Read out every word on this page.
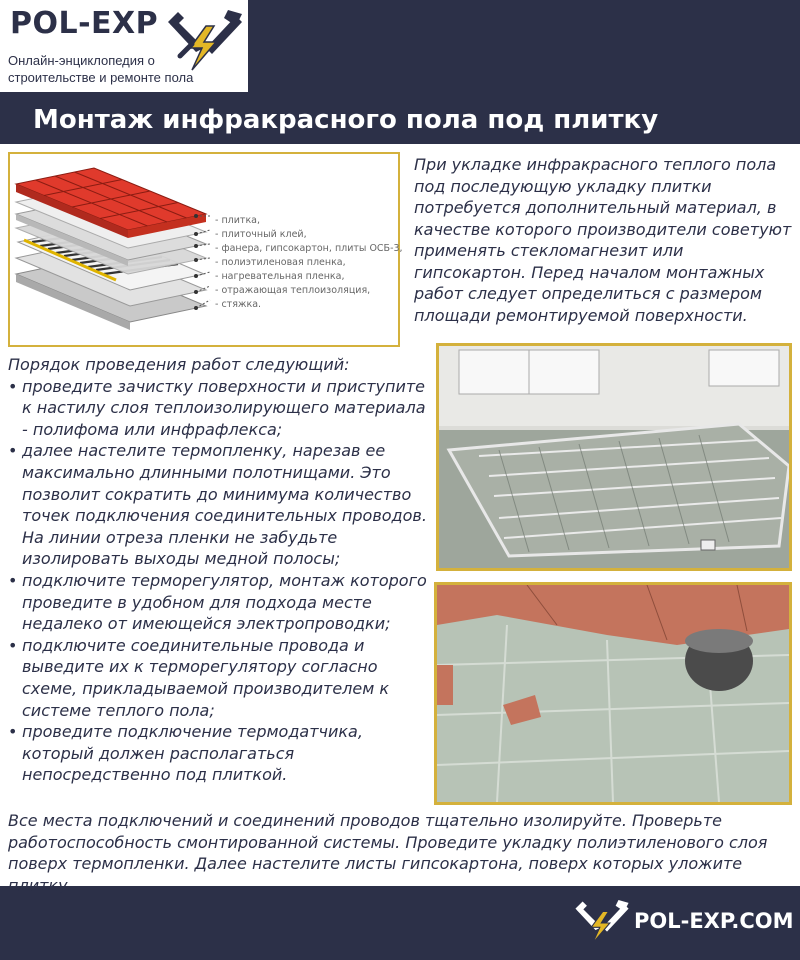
POL-EXP
Онлайн-энциклопедия о строительстве и ремонте пола
Монтаж инфракрасного пола под плитку
- плитка,
- плиточный клей,
- фанера, гипсокартон, плиты ОСБ-3,
- полиэтиленовая пленка,
- нагревательная пленка,
- отражающая теплоизоляция,
- стяжка.

При укладке инфракрасного теплого пола под последующую укладку плитки потребуется дополнительный материал, в качестве которого производители советуют применять стекломагнезит или гипсокартон. Перед началом монтажных работ следует определиться с размером площади ремонтируемой поверхности.

Порядок проведения работ следующий:

• проведите зачистку поверхности и приступите к настилу слоя теплоизолирующего материала - полифома или инфрафлекса;

• далее настелите термопленку, нарезав ее максимально длинными полотнищами. Это позволит сократить до минимума количество точек подключения соединительных проводов. На линии отреза пленки не забудьте изолировать выходы медной полосы;

• подключите терморегулятор, монтаж которого проведите в удобном для подхода месте недалеко от имеющейся электропроводки;

• подключите соединительные провода и выведите их к терморегулятору согласно схеме, прикладываемой производителем к системе теплого пола;

• проведите подключение термодатчика, который должен располагаться непосредственно под плиткой.

Все места подключений и соединений проводов тщательно изолируйте. Проверьте работоспособность смонтированной системы. Проведите укладку полиэтиленового слоя поверх термопленки. Далее настелите листы гипсокартона, поверх которых уложите плитку.
POL-EXP.COM
